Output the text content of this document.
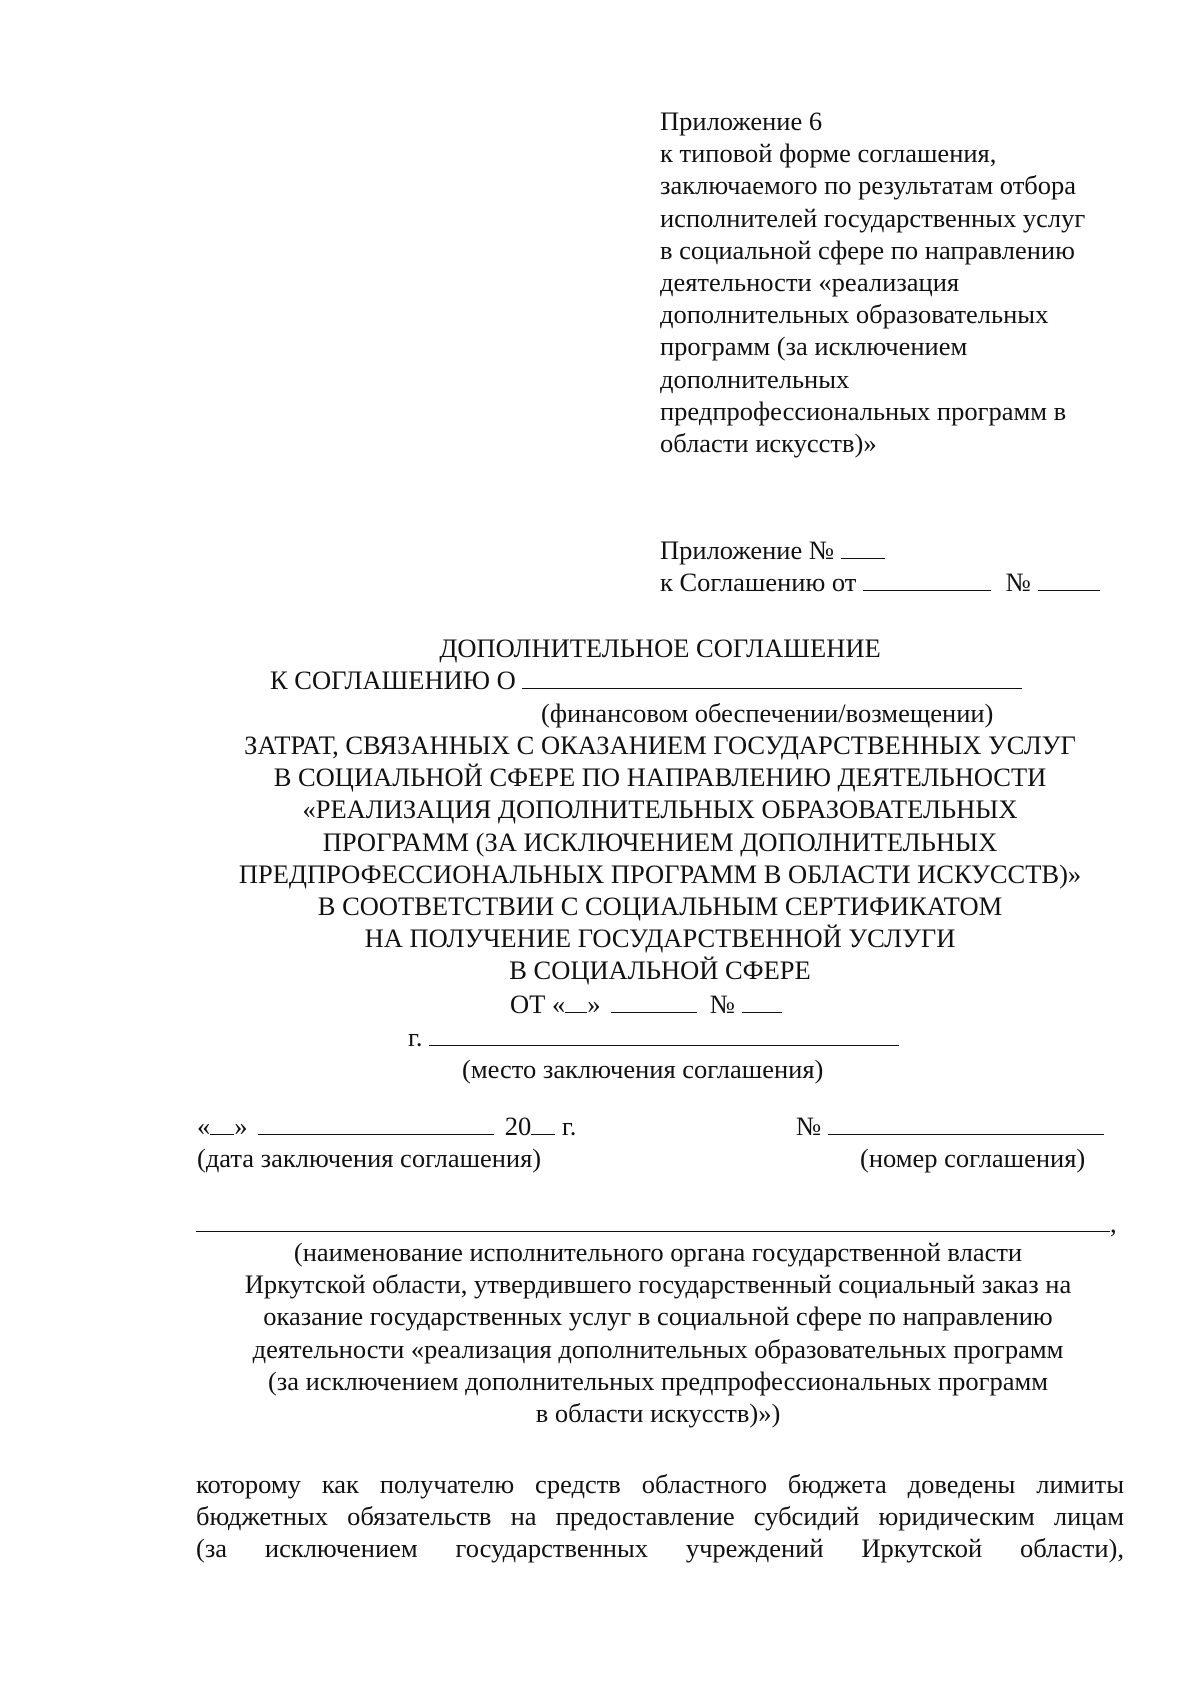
Приложение 6
к типовой форме соглашения,
заключаемого по результатам отбора
исполнителей государственных услуг
в социальной сфере по направлению
деятельности «реализация
дополнительных образовательных
программ (за исключением
дополнительных
предпрофессиональных программ в
области искусств)»
Приложение №
к Соглашению от	№
ДОПОЛНИТЕЛЬНОЕ СОГЛАШЕНИЕ
К СОГЛАШЕНИЮ О
(финансовом обеспечении/возмещении)
ЗАТРАТ, СВЯЗАННЫХ С ОКАЗАНИЕМ ГОСУДАРСТВЕННЫХ УСЛУГ
В СОЦИАЛЬНОЙ СФЕРЕ ПО НАПРАВЛЕНИЮ ДЕЯТЕЛЬНОСТИ
«РЕАЛИЗАЦИЯ ДОПОЛНИТЕЛЬНЫХ ОБРАЗОВАТЕЛЬНЫХ
ПРОГРАММ (ЗА ИСКЛЮЧЕНИЕМ ДОПОЛНИТЕЛЬНЫХ
ПРЕДПРОФЕССИОНАЛЬНЫХ ПРОГРАММ В ОБЛАСТИ ИСКУССТВ)»
В СООТВЕТСТВИИ С СОЦИАЛЬНЫМ СЕРТИФИКАТОМ
НА ПОЛУЧЕНИЕ ГОСУДАРСТВЕННОЙ УСЛУГИ
В СОЦИАЛЬНОЙ СФЕРЕ
ОТ « »	№
г.
(место заключения соглашения)
« »	20 г.
(дата заключения соглашения)
№
(номер соглашения)
,
(наименование исполнительного органа государственной власти
Иркутской области, утвердившего государственный социальный заказ на
оказание государственных услуг в социальной сфере по направлению
деятельности «реализация дополнительных образовательных программ
(за исключением дополнительных предпрофессиональных программ
в области искусств)»)
которому как получателю средств областного бюджета доведены лимиты
бюджетных обязательств на предоставление субсидий юридическим лицам
(за исключением государственных учреждений Иркутской области),
